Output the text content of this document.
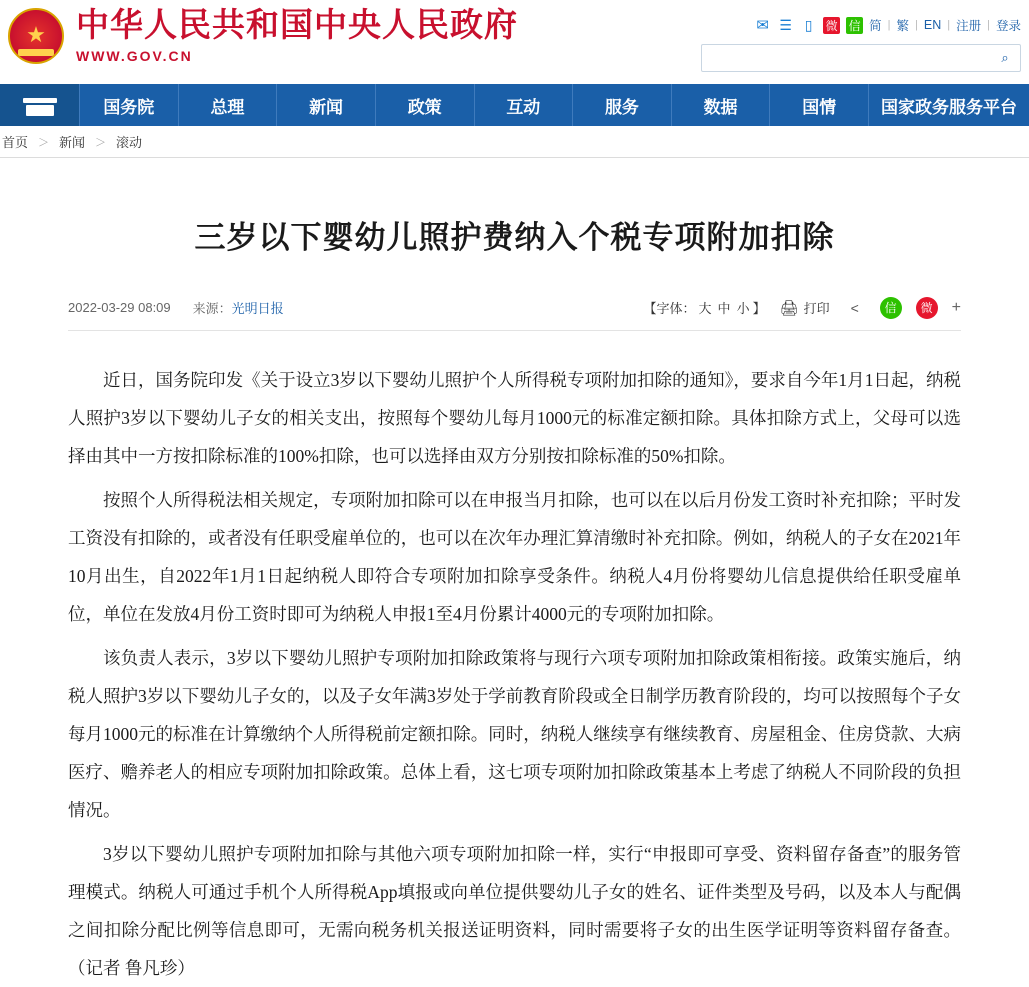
★
中华人民共和国中央人民政府
WWW.GOV.CN
✉ ☰ ▯	微 信 简 | 繁 | EN | 注册 | 登录
⌕
国务院	总理	新闻	政策	互动	服务	数据	国情	国家政务服务平台
首页 ＞ 新闻 ＞ 滚动
三岁以下婴幼儿照护费纳入个税专项附加扣除
2022-03-29 08:09 来源：光明日报	【字体： 大 中 小 】 🖨 打印	<	信	微	+

近日，国务院印发《关于设立3岁以下婴幼儿照护个人所得税专项附加扣除的通知》，要求自今年1月1日起，纳税人照护3岁以下婴幼儿子女的相关支出，按照每个婴幼儿每月1000元的标准定额扣除。具体扣除方式上，父母可以选择由其中一方按扣除标准的100%扣除，也可以选择由双方分别按扣除标准的50%扣除。

按照个人所得税法相关规定，专项附加扣除可以在申报当月扣除，也可以在以后月份发工资时补充扣除；平时发工资没有扣除的，或者没有任职受雇单位的，也可以在次年办理汇算清缴时补充扣除。例如，纳税人的子女在2021年10月出生，自2022年1月1日起纳税人即符合专项附加扣除享受条件。纳税人4月份将婴幼儿信息提供给任职受雇单位，单位在发放4月份工资时即可为纳税人申报1至4月份累计4000元的专项附加扣除。

该负责人表示，3岁以下婴幼儿照护专项附加扣除政策将与现行六项专项附加扣除政策相衔接。政策实施后，纳税人照护3岁以下婴幼儿子女的，以及子女年满3岁处于学前教育阶段或全日制学历教育阶段的，均可以按照每个子女每月1000元的标准在计算缴纳个人所得税前定额扣除。同时，纳税人继续享有继续教育、房屋租金、住房贷款、大病医疗、赡养老人的相应专项附加扣除政策。总体上看，这七项专项附加扣除政策基本上考虑了纳税人不同阶段的负担情况。

3岁以下婴幼儿照护专项附加扣除与其他六项专项附加扣除一样，实行“申报即可享受、资料留存备查”的服务管理模式。纳税人可通过手机个人所得税App填报或向单位提供婴幼儿子女的姓名、证件类型及号码，以及本人与配偶之间扣除分配比例等信息即可，无需向税务机关报送证明资料，同时需要将子女的出生医学证明等资料留存备查。（记者 鲁凡珍）
